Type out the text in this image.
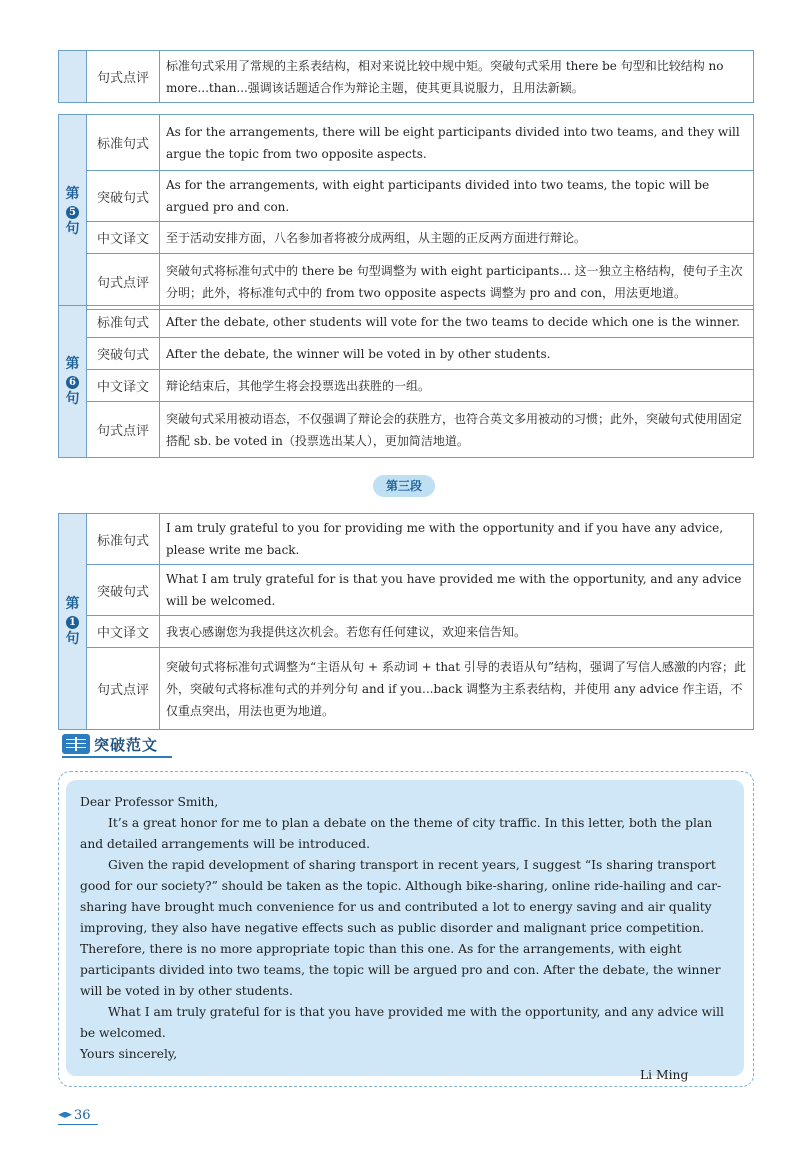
	句式点评	标准句式采用了常规的主系表结构，相对来说比较中规中矩。突破句式采用 there be 句型和比较结构 no more...than...强调该话题适合作为辩论主题，使其更具说服力，且用法新颖。
第
5
句	标准句式	As for the arrangements, there will be eight participants divided into two teams, and they will argue the topic from two opposite aspects.
	突破句式	As for the arrangements, with eight participants divided into two teams, the topic will be argued pro and con.
	中文译文	至于活动安排方面，八名参加者将被分成两组，从主题的正反两方面进行辩论。
	句式点评	突破句式将标准句式中的 there be 句型调整为 with eight participants... 这一独立主格结构，使句子主次分明；此外，将标准句式中的 from two opposite aspects 调整为 pro and con，用法更地道。
第
6
句	标准句式	After the debate, other students will vote for the two teams to decide which one is the winner.
	突破句式	After the debate, the winner will be voted in by other students.
	中文译文	辩论结束后，其他学生将会投票选出获胜的一组。
	句式点评	突破句式采用被动语态，不仅强调了辩论会的获胜方，也符合英文多用被动的习惯；此外，突破句式使用固定搭配 sb. be voted in（投票选出某人），更加简洁地道。
第三段
第
1
句	标准句式	I am truly grateful to you for providing me with the opportunity and if you have any advice, please write me back.
	突破句式	What I am truly grateful for is that you have provided me with the opportunity, and any advice will be welcomed.
	中文译文	我衷心感谢您为我提供这次机会。若您有任何建议，欢迎来信告知。
	句式点评	突破句式将标准句式调整为“主语从句 + 系动词 + that 引导的表语从句”结构，强调了写信人感激的内容；此外，突破句式将标准句式的并列分句 and if you...back 调整为主系表结构，并使用 any advice 作主语，不仅重点突出，用法也更为地道。
突破范文

Dear Professor Smith,

It’s a great honor for me to plan a debate on the theme of city traffic. In this letter, both the plan and detailed arrangements will be introduced.

Given the rapid development of sharing transport in recent years, I suggest “Is sharing transport good for our society?” should be taken as the topic. Although bike-sharing, online ride-hailing and car-sharing have brought much convenience for us and contributed a lot to energy saving and air quality improving, they also have negative effects such as public disorder and malignant price competition. Therefore, there is no more appropriate topic than this one. As for the arrangements, with eight participants divided into two teams, the topic will be argued pro and con. After the debate, the winner will be voted in by other students.

What I am truly grateful for is that you have provided me with the opportunity, and any advice will be welcomed.

Yours sincerely,

Li Ming

36
